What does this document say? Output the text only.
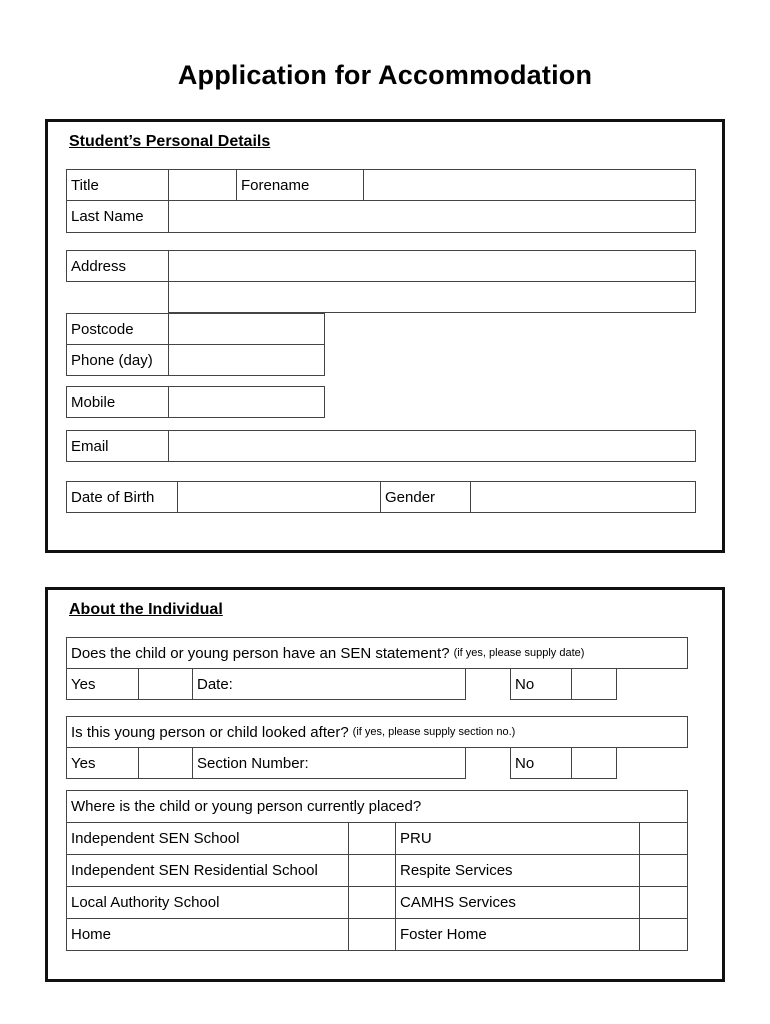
Application for Accommodation
Student’s Personal Details
Title	Forename
Last Name
Address
Postcode
Phone (day)
Mobile
Email
Date of Birth	Gender
About the Individual
Does the child or young person have an SEN statement? (if yes, please supply date)
Yes	Date:	No
Is this young person or child looked after? (if yes, please supply section no.)
Yes	Section Number:	No
Where is the child or young person currently placed?
Independent SEN School	PRU
Independent SEN Residential School	Respite Services
Local Authority School	CAMHS Services
Home	Foster Home
